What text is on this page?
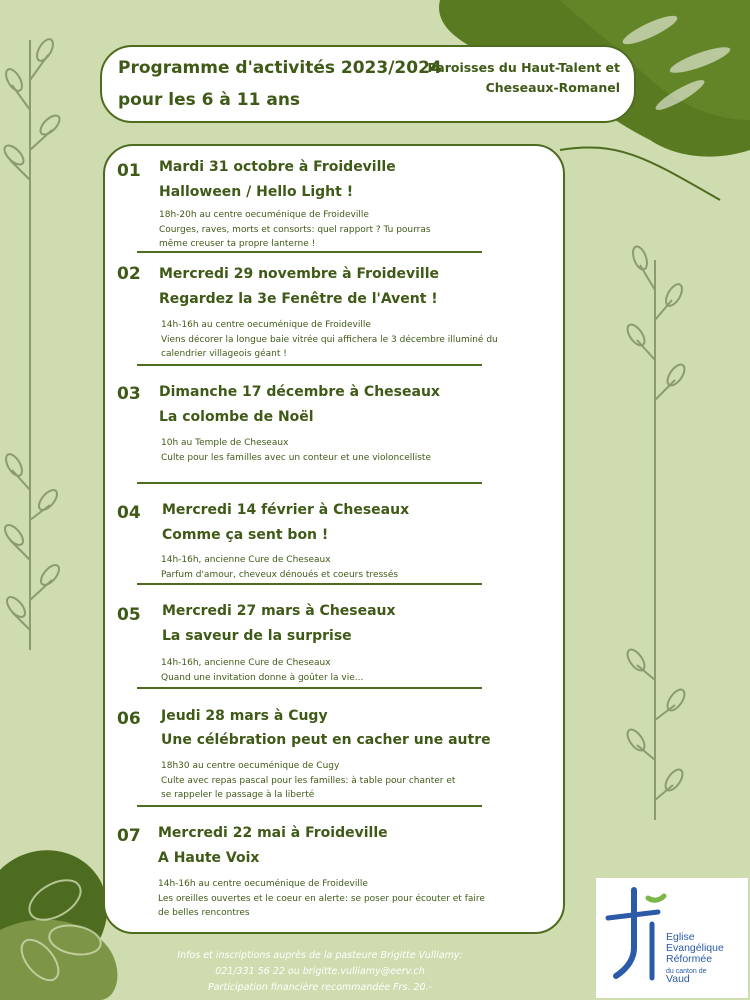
Programme d'activités 2023/2024
pour les 6 à 11 ans
Paroisses du Haut-Talent et
Cheseaux-Romanel
01 Mardi 31 octobre à Froideville
Halloween / Hello Light !
18h-20h au centre oecuménique de Froideville
Courges, raves, morts et consorts: quel rapport ? Tu pourras
même creuser ta propre lanterne !
02 Mercredi 29 novembre à Froideville
Regardez la 3e Fenêtre de l'Avent !
14h-16h au centre oecuménique de Froideville
Viens décorer la longue baie vitrée qui affichera le 3 décembre illuminé du
calendrier villageois géant !
03 Dimanche 17 décembre à Cheseaux
La colombe de Noël
10h au Temple de Cheseaux
Culte pour les familles avec un conteur et une violoncelliste
04 Mercredi 14 février à Cheseaux
Comme ça sent bon !
14h-16h, ancienne Cure de Cheseaux
Parfum d'amour, cheveux dénoués et coeurs tressés
05 Mercredi 27 mars à Cheseaux
La saveur de la surprise
14h-16h, ancienne Cure de Cheseaux
Quand une invitation donne à goûter la vie...
06 Jeudi 28 mars à Cugy
Une célébration peut en cacher une autre
18h30 au centre oecuménique de Cugy
Culte avec repas pascal pour les familles: à table pour chanter et
se rappeler le passage à la liberté
07 Mercredi 22 mai à Froideville
A Haute Voix
14h-16h au centre oecuménique de Froideville
Les oreilles ouvertes et le coeur en alerte: se poser pour écouter et faire
de belles rencontres
Infos et inscriptions auprès de la pasteure Brigitte Vulliamy:
021/331 56 22 ou brigitte.vulliamy@eerv.ch
Participation financière recommandée Frs. 20.-
Eglise
Evangélique
Réformée
du canton de
Vaud
